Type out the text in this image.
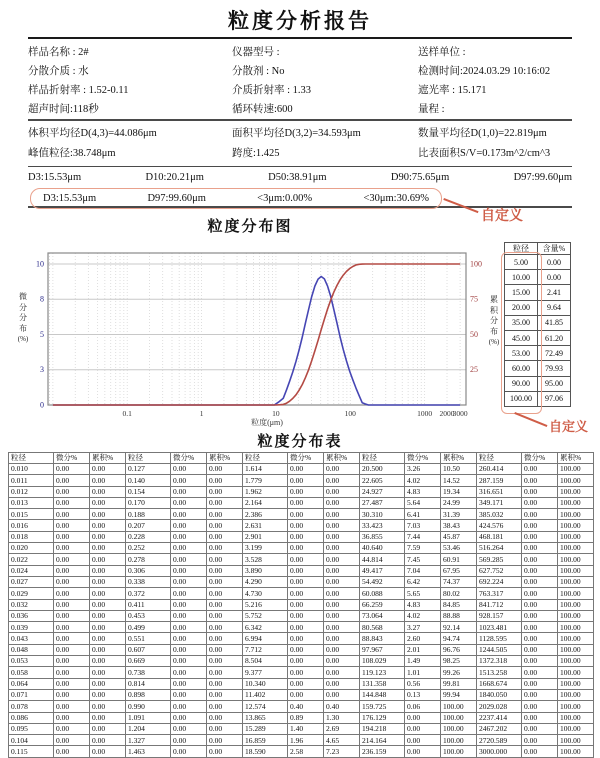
粒度分析报告
样品名称 : 2#	仪器型号 :	送样单位 :
分散介质 : 水	分散剂 : No	检测时间:2024.03.29 10:16:02
样品折射率 : 1.52-0.11	介质折射率 : 1.33	遮光率 : 15.171
超声时间:118秒	循环转速:600	量程 :
体积平均径D(4,3)=44.086μm	面积平均径D(3,2)=34.593μm	数量平均径D(1,0)=22.819μm
峰值粒径:38.748μm	跨度:1.425	比表面积S/V=0.173m^2/cm^3
D3:15.53μm	D10:20.21μm	D50:38.91μm	D90:75.65μm	D97:99.60μm
D3:15.53μm	D97:99.60μm	<3μm:0.00%	<30μm:30.69%
自定义
粒度分布图
微
分
分
布
(%)
0
3
5
8
10
25
50
75
100
0.1	1	10	100	1000 2000
3000
粒度(μm)
累
积
分
布
(%)
粒径	含量%
5.00	0.00
10.00	0.00
15.00	2.41
20.00	9.64
35.00	41.85
45.00	61.20
53.00	72.49
60.00	79.93
90.00	95.00
100.00	97.06
自定义
粒度分布表
粒径	微分%	累积%	粒径	微分%	累积%	粒径	微分%	累积%	粒径	微分%	累积%	粒径	微分%	累积%
0.010	0.00	0.00	0.127	0.00	0.00	1.614	0.00	0.00	20.500	3.26	10.50	260.414	0.00	100.00
0.011	0.00	0.00	0.140	0.00	0.00	1.779	0.00	0.00	22.605	4.02	14.52	287.159	0.00	100.00
0.012	0.00	0.00	0.154	0.00	0.00	1.962	0.00	0.00	24.927	4.83	19.34	316.651	0.00	100.00
0.013	0.00	0.00	0.170	0.00	0.00	2.164	0.00	0.00	27.487	5.64	24.99	349.171	0.00	100.00
0.015	0.00	0.00	0.188	0.00	0.00	2.386	0.00	0.00	30.310	6.41	31.39	385.032	0.00	100.00
0.016	0.00	0.00	0.207	0.00	0.00	2.631	0.00	0.00	33.423	7.03	38.43	424.576	0.00	100.00
0.018	0.00	0.00	0.228	0.00	0.00	2.901	0.00	0.00	36.855	7.44	45.87	468.181	0.00	100.00
0.020	0.00	0.00	0.252	0.00	0.00	3.199	0.00	0.00	40.640	7.59	53.46	516.264	0.00	100.00
0.022	0.00	0.00	0.278	0.00	0.00	3.528	0.00	0.00	44.814	7.45	60.91	569.285	0.00	100.00
0.024	0.00	0.00	0.306	0.00	0.00	3.890	0.00	0.00	49.417	7.04	67.95	627.752	0.00	100.00
0.027	0.00	0.00	0.338	0.00	0.00	4.290	0.00	0.00	54.492	6.42	74.37	692.224	0.00	100.00
0.029	0.00	0.00	0.372	0.00	0.00	4.730	0.00	0.00	60.088	5.65	80.02	763.317	0.00	100.00
0.032	0.00	0.00	0.411	0.00	0.00	5.216	0.00	0.00	66.259	4.83	84.85	841.712	0.00	100.00
0.036	0.00	0.00	0.453	0.00	0.00	5.752	0.00	0.00	73.064	4.02	88.88	928.157	0.00	100.00
0.039	0.00	0.00	0.499	0.00	0.00	6.342	0.00	0.00	80.568	3.27	92.14	1023.481	0.00	100.00
0.043	0.00	0.00	0.551	0.00	0.00	6.994	0.00	0.00	88.843	2.60	94.74	1128.595	0.00	100.00
0.048	0.00	0.00	0.607	0.00	0.00	7.712	0.00	0.00	97.967	2.01	96.76	1244.505	0.00	100.00
0.053	0.00	0.00	0.669	0.00	0.00	8.504	0.00	0.00	108.029	1.49	98.25	1372.318	0.00	100.00
0.058	0.00	0.00	0.738	0.00	0.00	9.377	0.00	0.00	119.123	1.01	99.26	1513.258	0.00	100.00
0.064	0.00	0.00	0.814	0.00	0.00	10.340	0.00	0.00	131.358	0.56	99.81	1668.674	0.00	100.00
0.071	0.00	0.00	0.898	0.00	0.00	11.402	0.00	0.00	144.848	0.13	99.94	1840.050	0.00	100.00
0.078	0.00	0.00	0.990	0.00	0.00	12.574	0.40	0.40	159.725	0.06	100.00	2029.028	0.00	100.00
0.086	0.00	0.00	1.091	0.00	0.00	13.865	0.89	1.30	176.129	0.00	100.00	2237.414	0.00	100.00
0.095	0.00	0.00	1.204	0.00	0.00	15.289	1.40	2.69	194.218	0.00	100.00	2467.202	0.00	100.00
0.104	0.00	0.00	1.327	0.00	0.00	16.859	1.96	4.65	214.164	0.00	100.00	2720.589	0.00	100.00
0.115	0.00	0.00	1.463	0.00	0.00	18.590	2.58	7.23	236.159	0.00	100.00	3000.000	0.00	100.00
